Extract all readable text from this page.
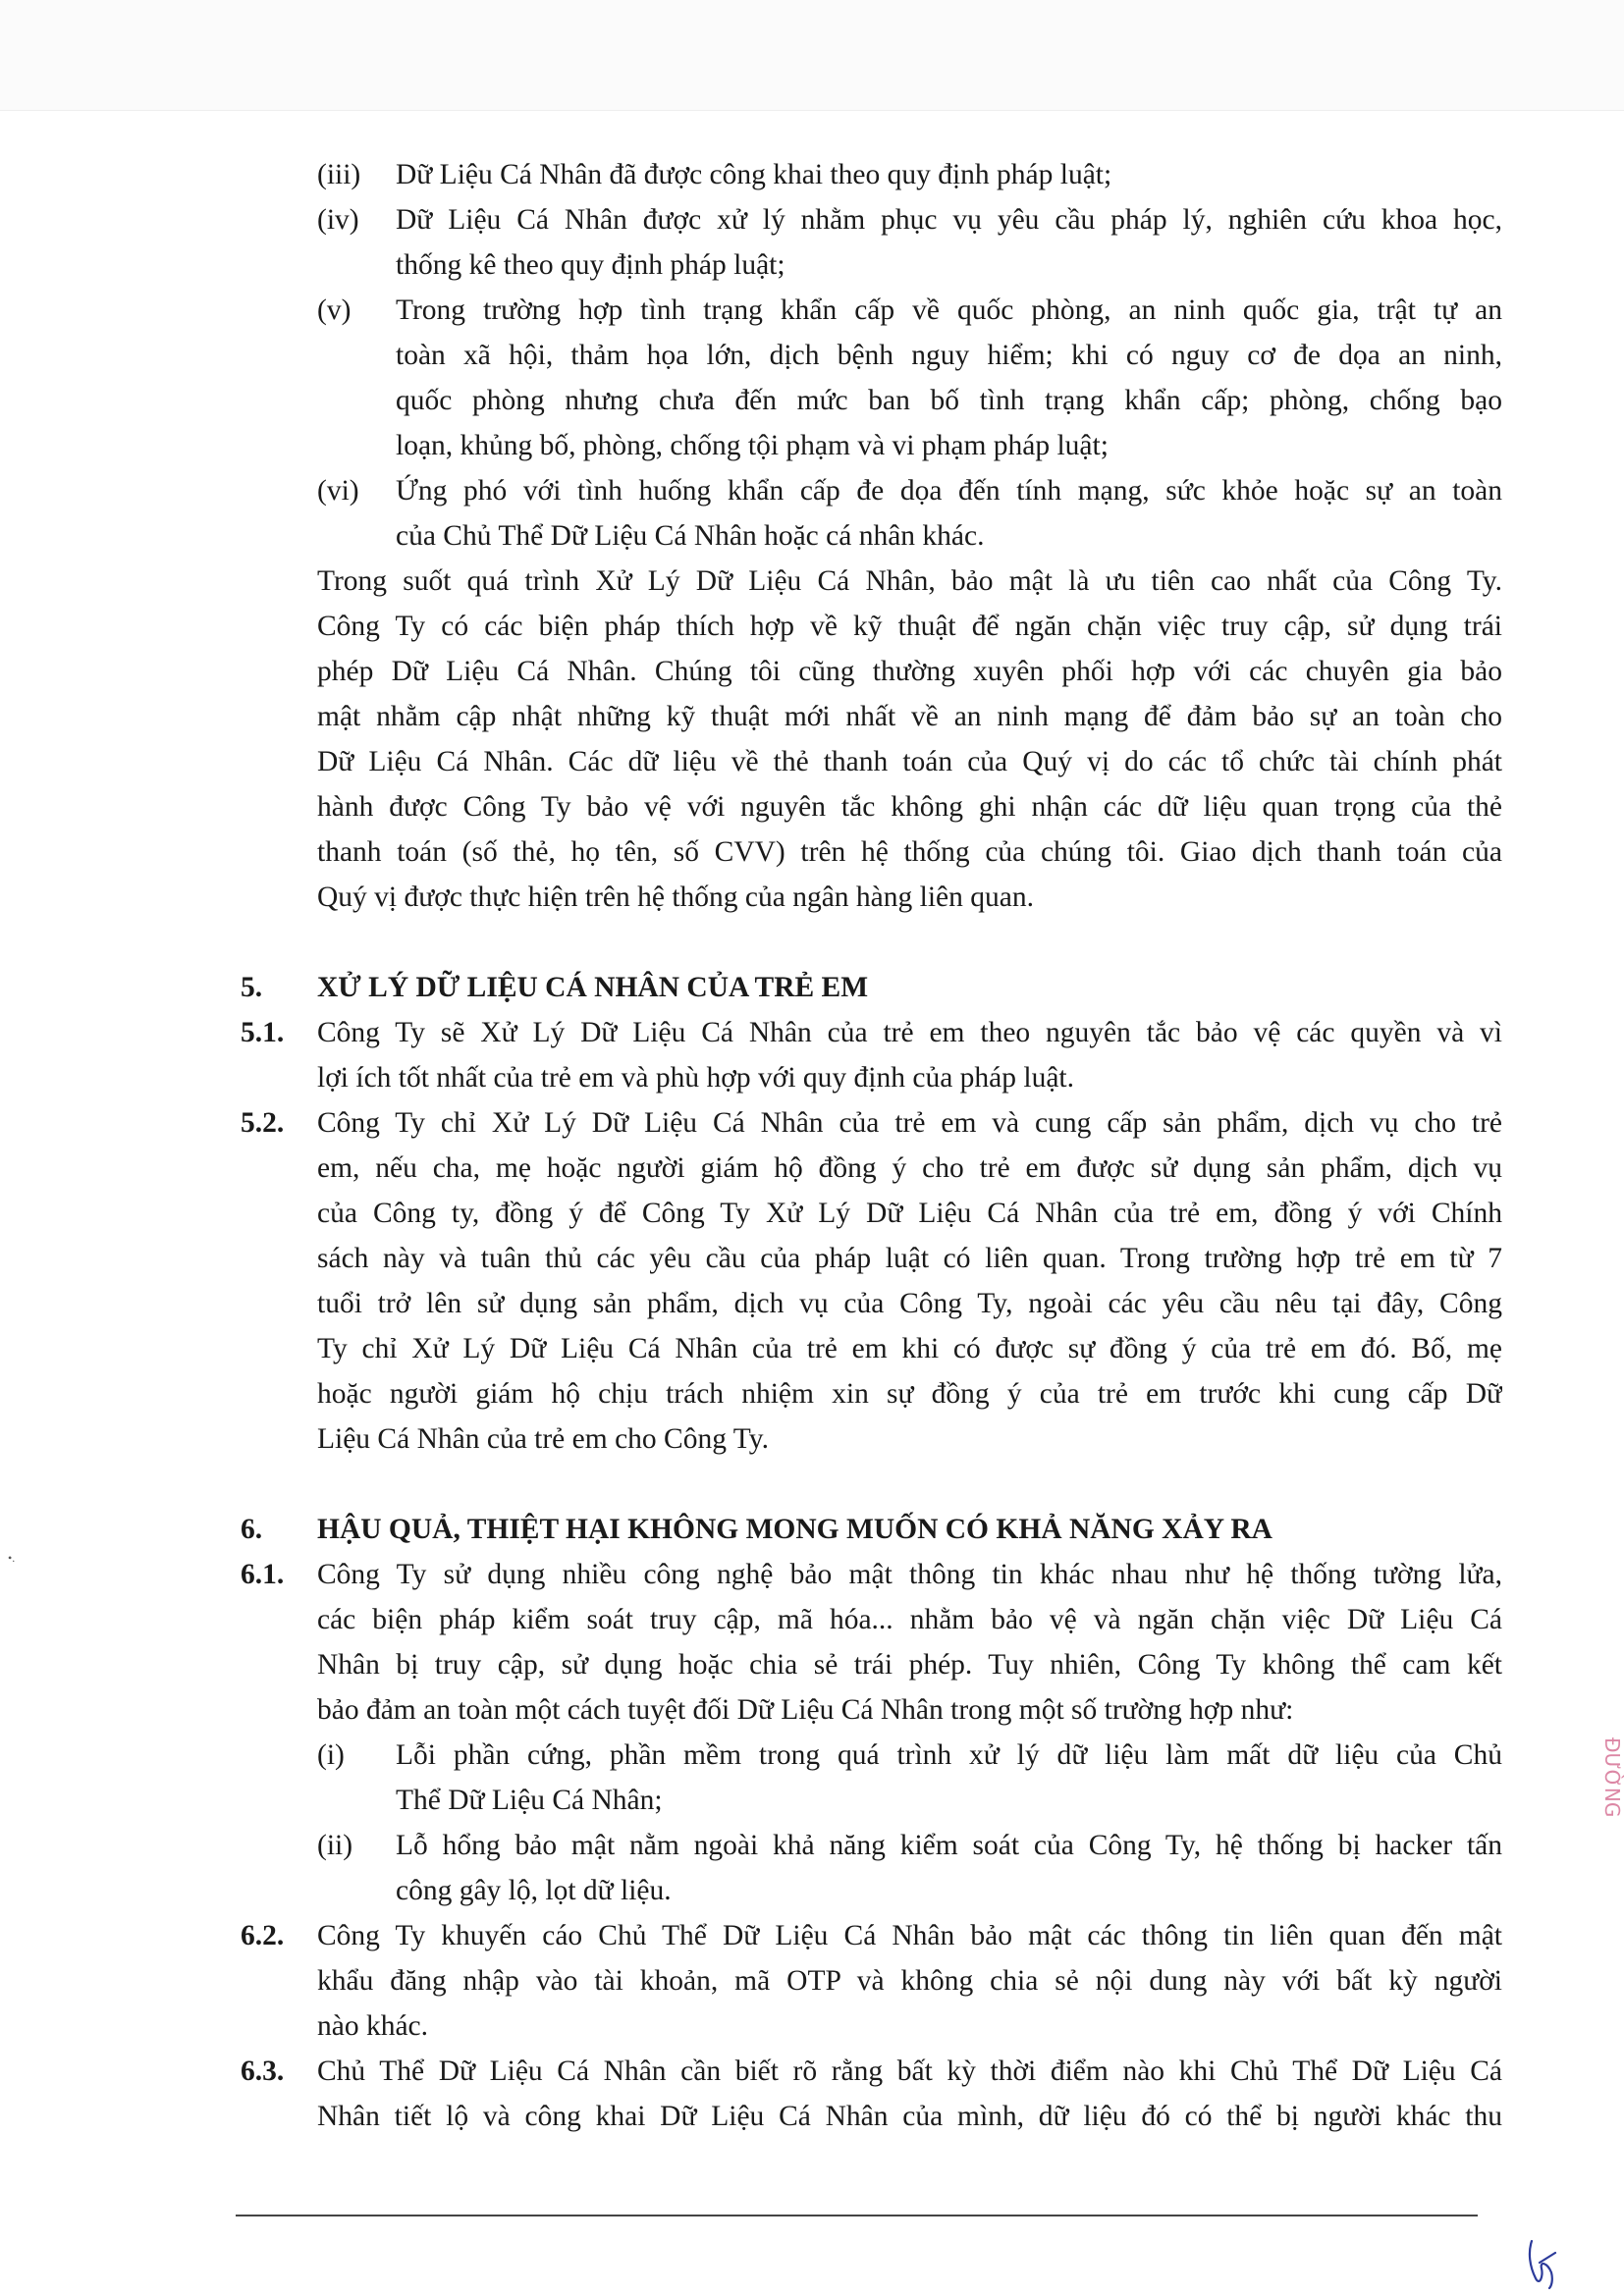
(iii) Dữ Liệu Cá Nhân đã được công khai theo quy định pháp luật;
(iv) Dữ Liệu Cá Nhân được xử lý nhằm phục vụ yêu cầu pháp lý, nghiên cứu khoa học,
thống kê theo quy định pháp luật;
(v) Trong trường hợp tình trạng khẩn cấp về quốc phòng, an ninh quốc gia, trật tự an
toàn xã hội, thảm họa lớn, dịch bệnh nguy hiểm; khi có nguy cơ đe dọa an ninh,
quốc phòng nhưng chưa đến mức ban bố tình trạng khẩn cấp; phòng, chống bạo
loạn, khủng bố, phòng, chống tội phạm và vi phạm pháp luật;
(vi) Ứng phó với tình huống khẩn cấp đe dọa đến tính mạng, sức khỏe hoặc sự an toàn
của Chủ Thể Dữ Liệu Cá Nhân hoặc cá nhân khác.
Trong suốt quá trình Xử Lý Dữ Liệu Cá Nhân, bảo mật là ưu tiên cao nhất của Công Ty.
Công Ty có các biện pháp thích hợp về kỹ thuật để ngăn chặn việc truy cập, sử dụng trái
phép Dữ Liệu Cá Nhân. Chúng tôi cũng thường xuyên phối hợp với các chuyên gia bảo
mật nhằm cập nhật những kỹ thuật mới nhất về an ninh mạng để đảm bảo sự an toàn cho
Dữ Liệu Cá Nhân. Các dữ liệu về thẻ thanh toán của Quý vị do các tổ chức tài chính phát
hành được Công Ty bảo vệ với nguyên tắc không ghi nhận các dữ liệu quan trọng của thẻ
thanh toán (số thẻ, họ tên, số CVV) trên hệ thống của chúng tôi. Giao dịch thanh toán của
Quý vị được thực hiện trên hệ thống của ngân hàng liên quan.
5. XỬ LÝ DỮ LIỆU CÁ NHÂN CỦA TRẺ EM
5.1. Công Ty sẽ Xử Lý Dữ Liệu Cá Nhân của trẻ em theo nguyên tắc bảo vệ các quyền và vì
lợi ích tốt nhất của trẻ em và phù hợp với quy định của pháp luật.
5.2. Công Ty chỉ Xử Lý Dữ Liệu Cá Nhân của trẻ em và cung cấp sản phẩm, dịch vụ cho trẻ
em, nếu cha, mẹ hoặc người giám hộ đồng ý cho trẻ em được sử dụng sản phẩm, dịch vụ
của Công ty, đồng ý để Công Ty Xử Lý Dữ Liệu Cá Nhân của trẻ em, đồng ý với Chính
sách này và tuân thủ các yêu cầu của pháp luật có liên quan. Trong trường hợp trẻ em từ 7
tuổi trở lên sử dụng sản phẩm, dịch vụ của Công Ty, ngoài các yêu cầu nêu tại đây, Công
Ty chỉ Xử Lý Dữ Liệu Cá Nhân của trẻ em khi có được sự đồng ý của trẻ em đó. Bố, mẹ
hoặc người giám hộ chịu trách nhiệm xin sự đồng ý của trẻ em trước khi cung cấp Dữ
Liệu Cá Nhân của trẻ em cho Công Ty.
6. HẬU QUẢ, THIỆT HẠI KHÔNG MONG MUỐN CÓ KHẢ NĂNG XẢY RA
6.1. Công Ty sử dụng nhiều công nghệ bảo mật thông tin khác nhau như hệ thống tường lửa,
các biện pháp kiểm soát truy cập, mã hóa... nhằm bảo vệ và ngăn chặn việc Dữ Liệu Cá
Nhân bị truy cập, sử dụng hoặc chia sẻ trái phép. Tuy nhiên, Công Ty không thể cam kết
bảo đảm an toàn một cách tuyệt đối Dữ Liệu Cá Nhân trong một số trường hợp như:
(i) Lỗi phần cứng, phần mềm trong quá trình xử lý dữ liệu làm mất dữ liệu của Chủ
Thể Dữ Liệu Cá Nhân;
(ii) Lỗ hổng bảo mật nằm ngoài khả năng kiểm soát của Công Ty, hệ thống bị hacker tấn
công gây lộ, lọt dữ liệu.
6.2. Công Ty khuyến cáo Chủ Thể Dữ Liệu Cá Nhân bảo mật các thông tin liên quan đến mật
khẩu đăng nhập vào tài khoản, mã OTP và không chia sẻ nội dung này với bất kỳ người
nào khác.
6.3. Chủ Thể Dữ Liệu Cá Nhân cần biết rõ rằng bất kỳ thời điểm nào khi Chủ Thể Dữ Liệu Cá
Nhân tiết lộ và công khai Dữ Liệu Cá Nhân của mình, dữ liệu đó có thể bị người khác thu
ĐƯỜNG
•.
